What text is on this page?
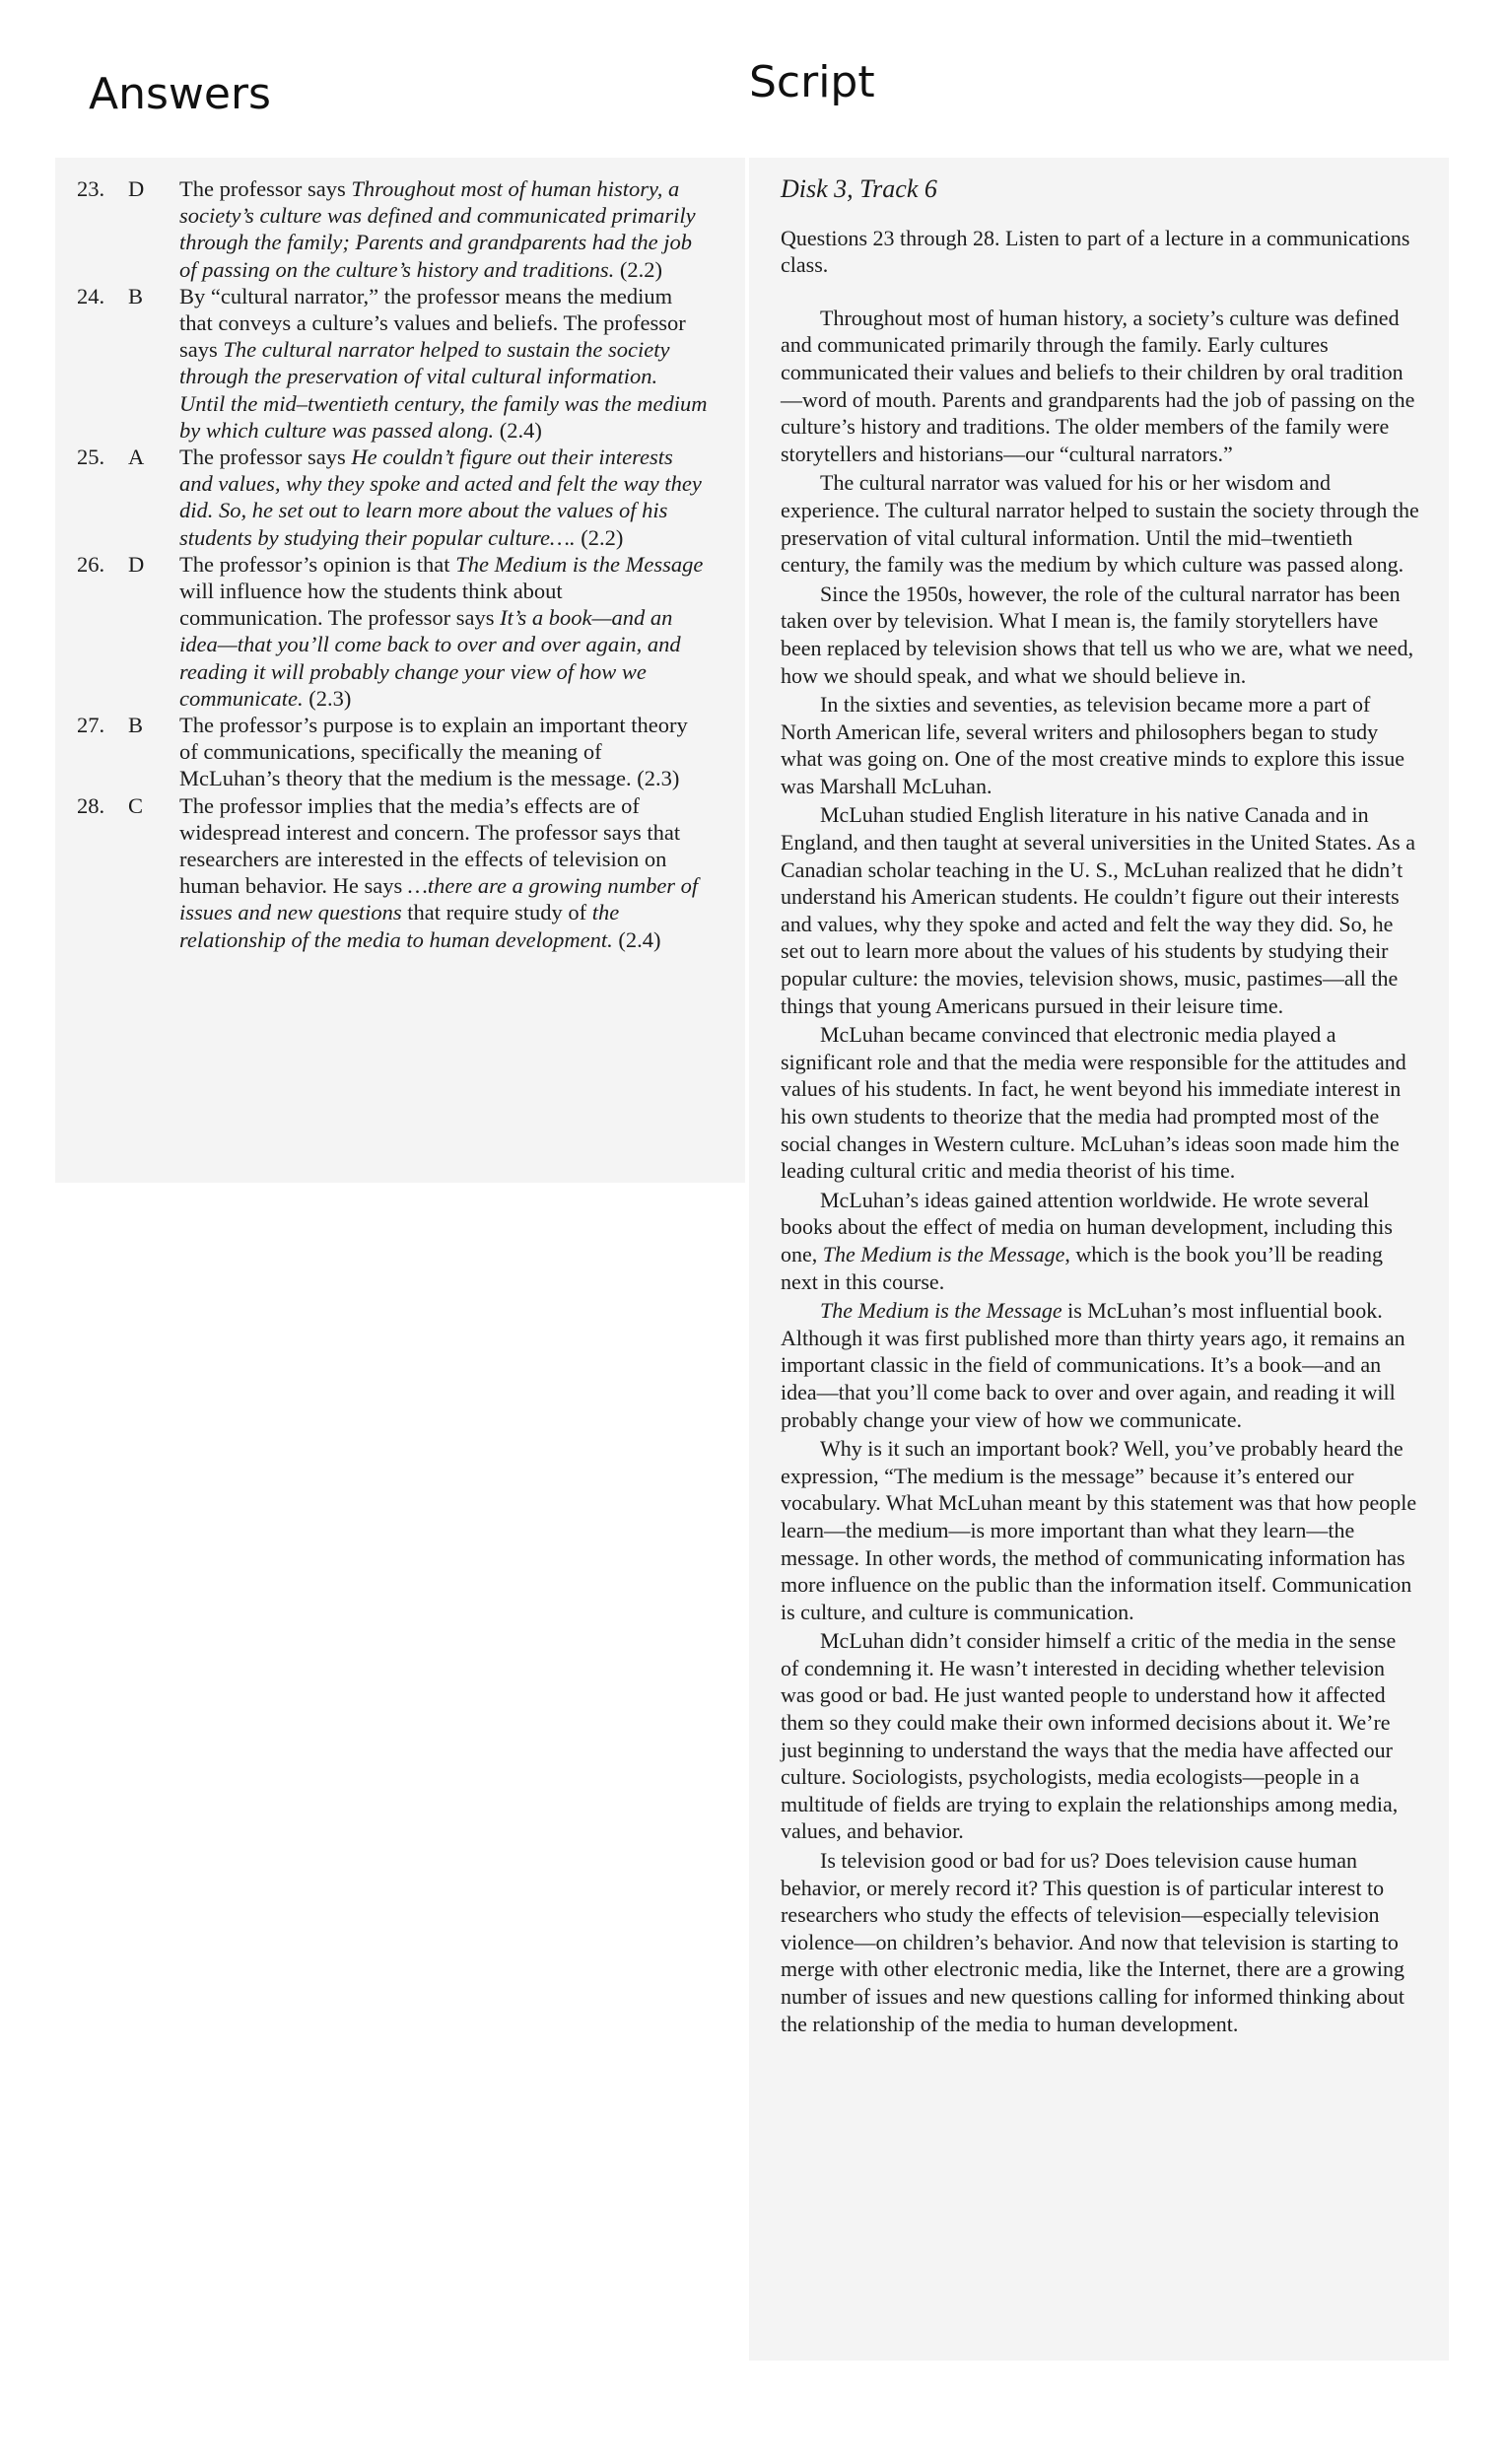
Answers	Script
23.	D	The professor says Throughout most of human history, a society’s culture was defined and communicated primarily through the family; Parents and grandparents had the job of passing on the culture’s history and traditions. (2.2)
24.	B	By “cultural narrator,” the professor means the medium that conveys a culture’s values and beliefs. The professor says The cultural narrator helped to sustain the society through the preservation of vital cultural information. Until the mid–twentieth century, the family was the medium by which culture was passed along. (2.4)
25.	A	The professor says He couldn’t figure out their interests and values, why they spoke and acted and felt the way they did. So, he set out to learn more about the values of his students by studying their popular culture…. (2.2)
26.	D	The professor’s opinion is that The Medium is the Message will influence how the students think about communication. The professor says It’s a book—and an idea—that you’ll come back to over and over again, and reading it will probably change your view of how we communicate. (2.3)
27.	B	The professor’s purpose is to explain an important theory of communications, specifically the meaning of McLuhan’s theory that the medium is the message. (2.3)
28.	C	The professor implies that the media’s effects are of widespread interest and concern. The professor says that researchers are interested in the effects of television on human behavior. He says …there are a growing number of issues and new questions that require study of the relationship of the media to human development. (2.4)
Disk 3, Track 6
Questions 23 through 28. Listen to part of a lecture in a communications class.
Throughout most of human history, a society’s culture was defined and communicated primarily through the family. Early cultures communicated their values and beliefs to their children by oral tradition—word of mouth. Parents and grandparents had the job of passing on the culture’s history and traditions. The older members of the family were storytellers and historians—our “cultural narrators.”
The cultural narrator was valued for his or her wisdom and experience. The cultural narrator helped to sustain the society through the preservation of vital cultural information. Until the mid–twentieth century, the family was the medium by which culture was passed along.
Since the 1950s, however, the role of the cultural narrator has been taken over by television. What I mean is, the family storytellers have been replaced by television shows that tell us who we are, what we need, how we should speak, and what we should believe in.
In the sixties and seventies, as television became more a part of North American life, several writers and philosophers began to study what was going on. One of the most creative minds to explore this issue was Marshall McLuhan.
McLuhan studied English literature in his native Canada and in England, and then taught at several universities in the United States. As a Canadian scholar teaching in the U. S., McLuhan realized that he didn’t understand his American students. He couldn’t figure out their interests and values, why they spoke and acted and felt the way they did. So, he set out to learn more about the values of his students by studying their popular culture: the movies, television shows, music, pastimes—all the things that young Americans pursued in their leisure time.
McLuhan became convinced that electronic media played a significant role and that the media were responsible for the attitudes and values of his students. In fact, he went beyond his immediate interest in his own students to theorize that the media had prompted most of the social changes in Western culture. McLuhan’s ideas soon made him the leading cultural critic and media theorist of his time.
McLuhan’s ideas gained attention worldwide. He wrote several books about the effect of media on human development, including this one, The Medium is the Message, which is the book you’ll be reading next in this course.
The Medium is the Message is McLuhan’s most influential book. Although it was first published more than thirty years ago, it remains an important classic in the field of communications. It’s a book—and an idea—that you’ll come back to over and over again, and reading it will probably change your view of how we communicate.
Why is it such an important book? Well, you’ve probably heard the expression, “The medium is the message” because it’s entered our vocabulary. What McLuhan meant by this statement was that how people learn—the medium—is more important than what they learn—the message. In other words, the method of communicating information has more influence on the public than the information itself. Communication is culture, and culture is communication.
McLuhan didn’t consider himself a critic of the media in the sense of condemning it. He wasn’t interested in deciding whether television was good or bad. He just wanted people to understand how it affected them so they could make their own informed decisions about it. We’re just beginning to understand the ways that the media have affected our culture. Sociologists, psychologists, media ecologists—people in a multitude of fields are trying to explain the relationships among media, values, and behavior.
Is television good or bad for us? Does television cause human behavior, or merely record it? This question is of particular interest to researchers who study the effects of television—especially television violence—on children’s behavior. And now that television is starting to merge with other electronic media, like the Internet, there are a growing number of issues and new questions calling for informed thinking about the relationship of the media to human development.
